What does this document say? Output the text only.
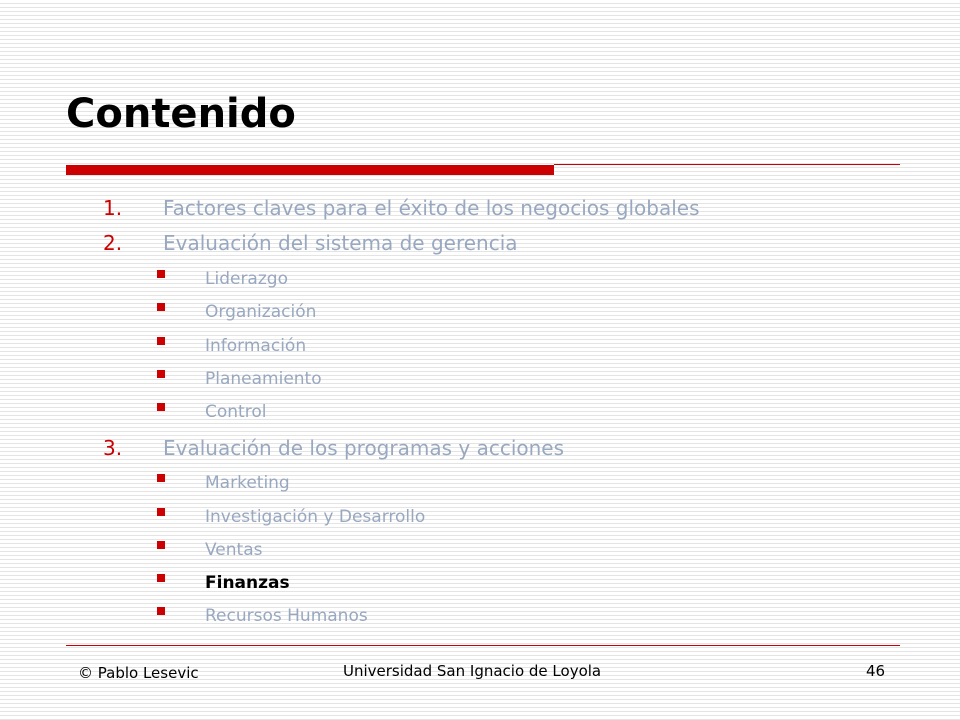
Contenido
1. Factores claves para el éxito de los negocios globales
2. Evaluación del sistema de gerencia
Liderazgo
Organización
Información
Planeamiento
Control
3. Evaluación de los programas y acciones
Marketing
Investigación y Desarrollo
Ventas
Finanzas
Recursos Humanos
© Pablo Lesevic	Universidad San Ignacio de Loyola	46
